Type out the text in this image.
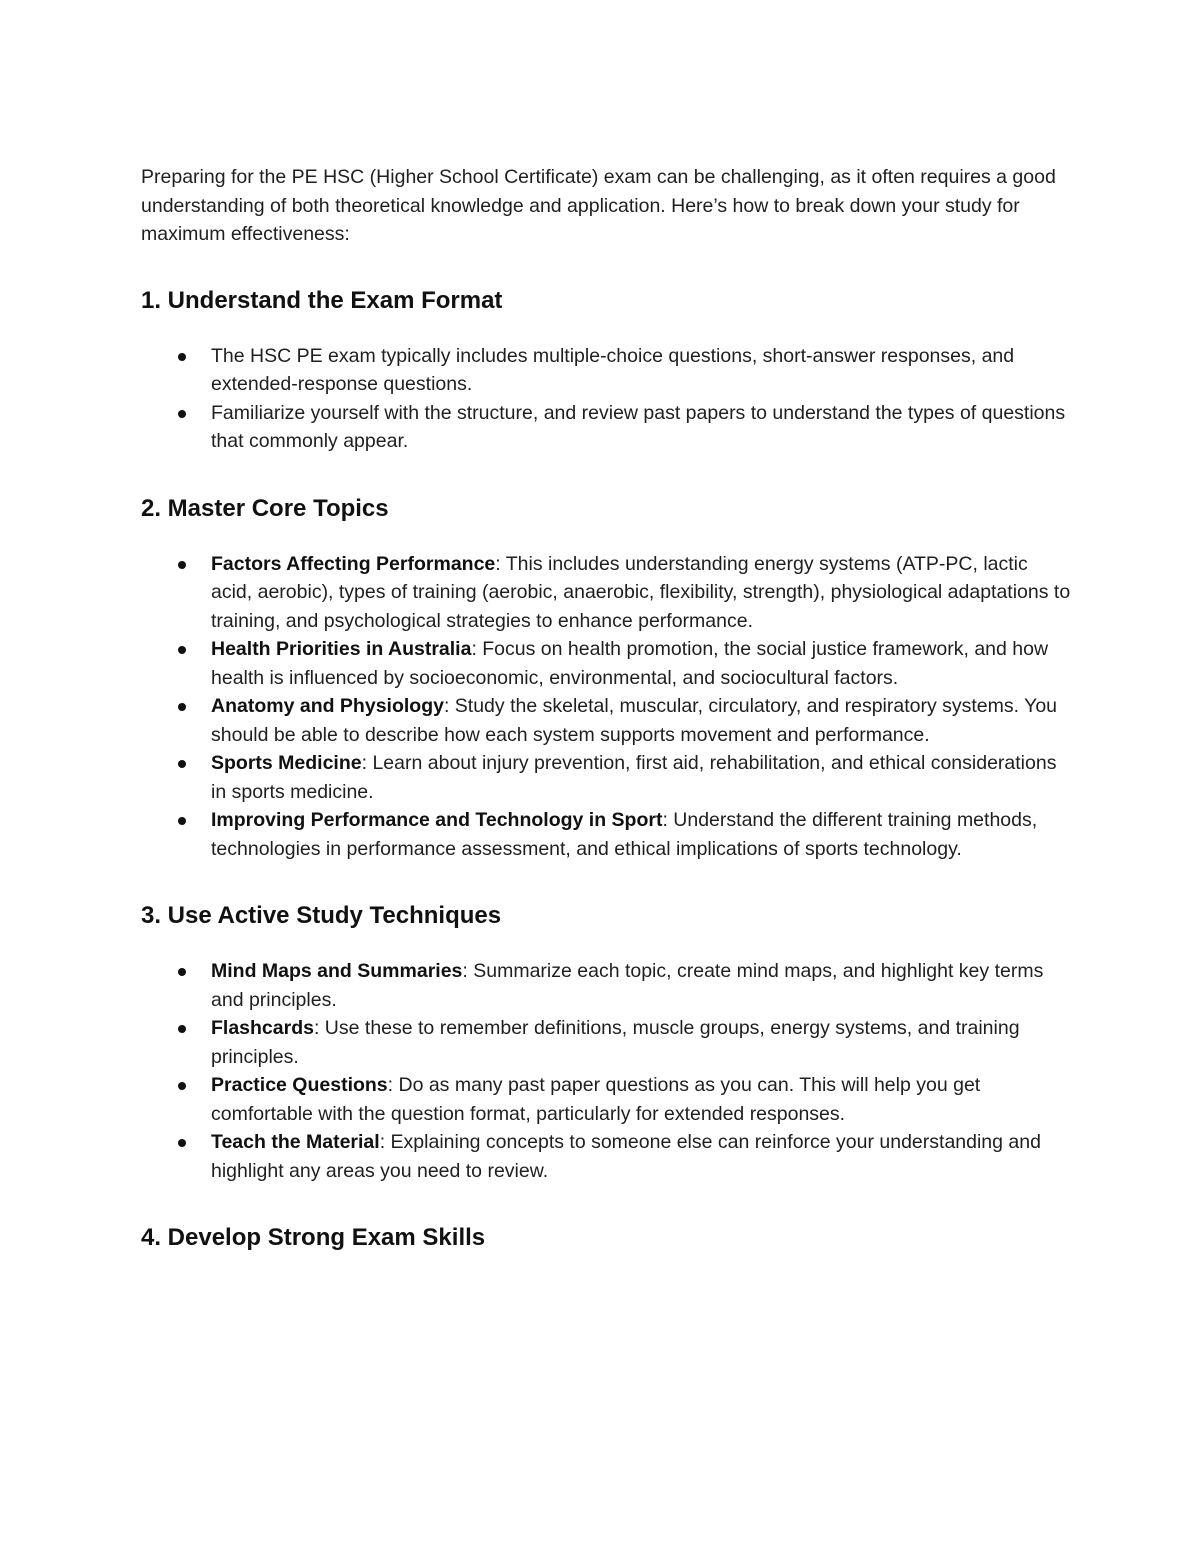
Preparing for the PE HSC (Higher School Certificate) exam can be challenging, as it often requires a good understanding of both theoretical knowledge and application. Here’s how to break down your study for maximum effectiveness:

1. Understand the Exam Format
The HSC PE exam typically includes multiple-choice questions, short-answer responses, and extended-response questions.
Familiarize yourself with the structure, and review past papers to understand the types of questions that commonly appear.
2. Master Core Topics
Factors Affecting Performance: This includes understanding energy systems (ATP-PC, lactic acid, aerobic), types of training (aerobic, anaerobic, flexibility, strength), physiological adaptations to training, and psychological strategies to enhance performance.
Health Priorities in Australia: Focus on health promotion, the social justice framework, and how health is influenced by socioeconomic, environmental, and sociocultural factors.
Anatomy and Physiology: Study the skeletal, muscular, circulatory, and respiratory systems. You should be able to describe how each system supports movement and performance.
Sports Medicine: Learn about injury prevention, first aid, rehabilitation, and ethical considerations in sports medicine.
Improving Performance and Technology in Sport: Understand the different training methods, technologies in performance assessment, and ethical implications of sports technology.
3. Use Active Study Techniques
Mind Maps and Summaries: Summarize each topic, create mind maps, and highlight key terms and principles.
Flashcards: Use these to remember definitions, muscle groups, energy systems, and training principles.
Practice Questions: Do as many past paper questions as you can. This will help you get comfortable with the question format, particularly for extended responses.
Teach the Material: Explaining concepts to someone else can reinforce your understanding and highlight any areas you need to review.
4. Develop Strong Exam Skills
